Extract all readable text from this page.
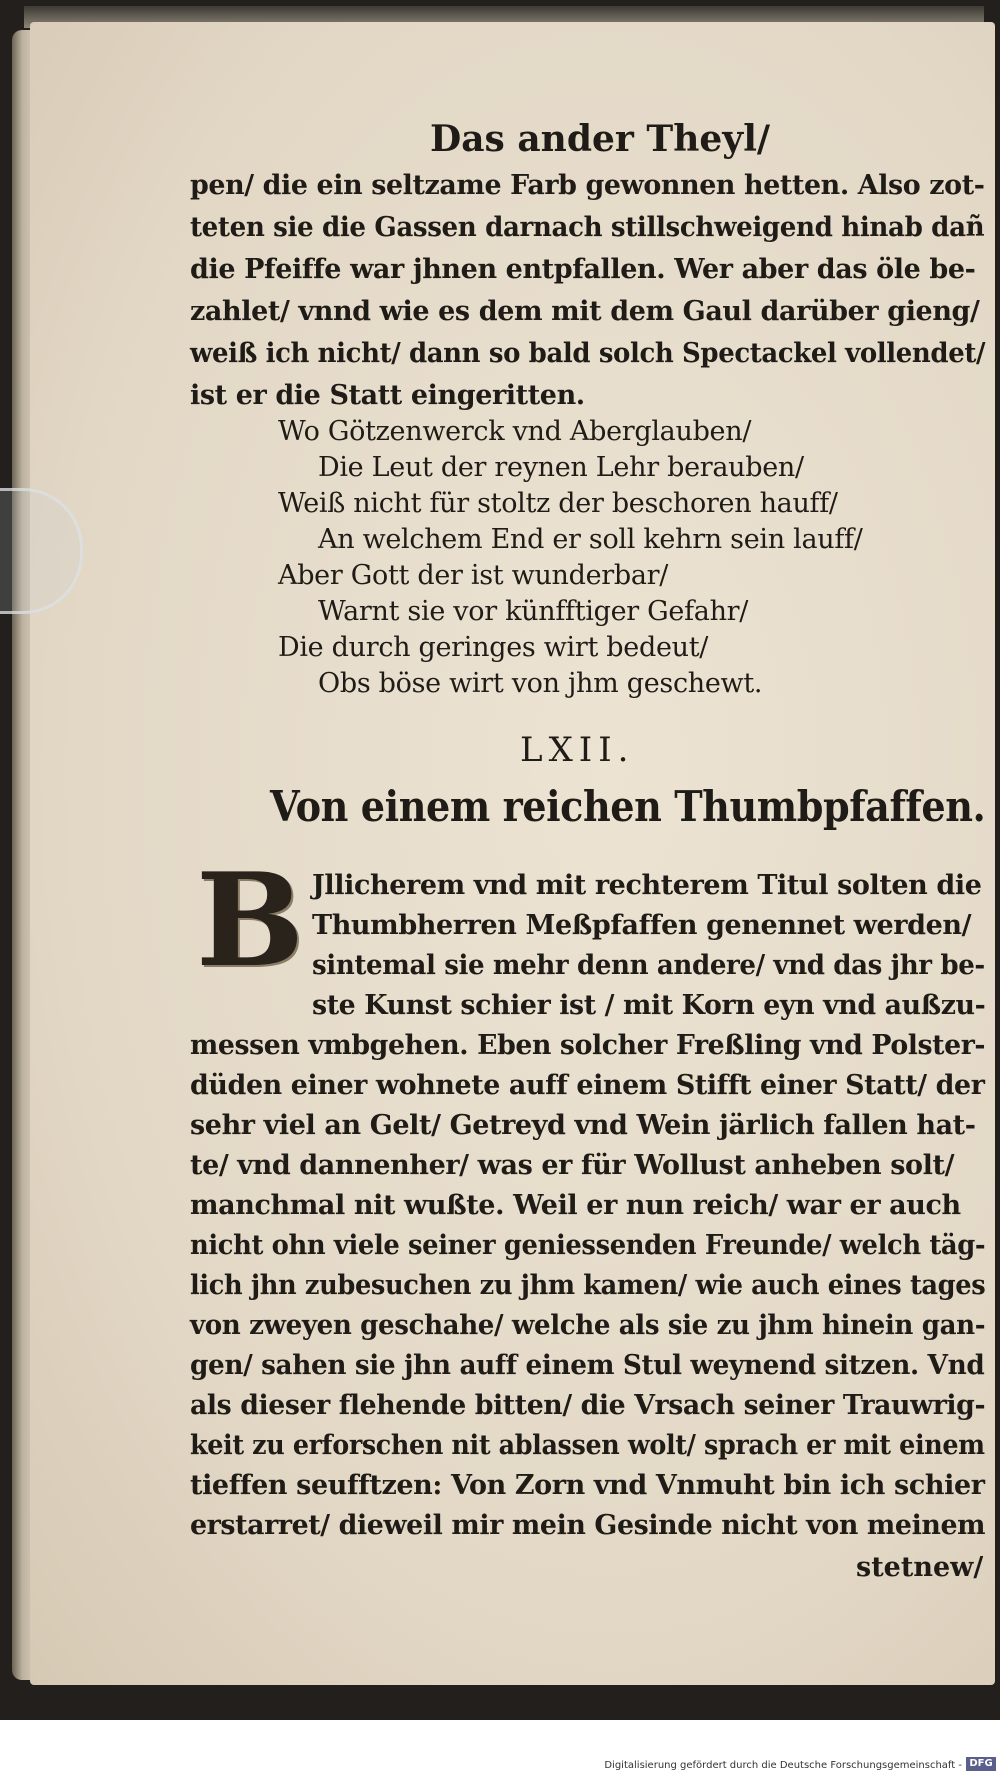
Das ander Theyl/
pen/ die ein seltzame Farb gewonnen hetten. Also zot-
teten sie die Gassen darnach stillschweigend hinab dañ
die Pfeiffe war jhnen entpfallen. Wer aber das öle be-
zahlet/ vnnd wie es dem mit dem Gaul darüber gieng/
weiß ich nicht/ dann so bald solch Spectackel vollendet/
ist er die Statt eingeritten.
Wo Götzenwerck vnd Aberglauben/
Die Leut der reynen Lehr berauben/
Weiß nicht für stoltz der beschoren hauff/
An welchem End er soll kehrn sein lauff/
Aber Gott der ist wunderbar/
Warnt sie vor künfftiger Gefahr/
Die durch geringes wirt bedeut/
Obs böse wirt von jhm geschewt.
LXII.
Von einem reichen Thumbpfaffen.
B Jllicherem vnd mit rechterem Titul solten die
Thumbherren Meßpfaffen genennet werden/
sintemal sie mehr denn andere/ vnd das jhr be-
ste Kunst schier ist / mit Korn eyn vnd außzu-
messen vmbgehen. Eben solcher Freßling vnd Polster-
düden einer wohnete auff einem Stifft einer Statt/ der
sehr viel an Gelt/ Getreyd vnd Wein järlich fallen hat-
te/ vnd dannenher/ was er für Wollust anheben solt/
manchmal nit wußte. Weil er nun reich/ war er auch
nicht ohn viele seiner geniessenden Freunde/ welch täg-
lich jhn zubesuchen zu jhm kamen/ wie auch eines tages
von zweyen geschahe/ welche als sie zu jhm hinein gan-
gen/ sahen sie jhn auff einem Stul weynend sitzen. Vnd
als dieser flehende bitten/ die Vrsach seiner Trauwrig-
keit zu erforschen nit ablassen wolt/ sprach er mit einem
tieffen seufftzen: Von Zorn vnd Vnmuht bin ich schier
erstarret/ dieweil mir mein Gesinde nicht von meinem
stetnew/
Digitalisierung gefördert durch die Deutsche Forschungsgemeinschaft - DFG
